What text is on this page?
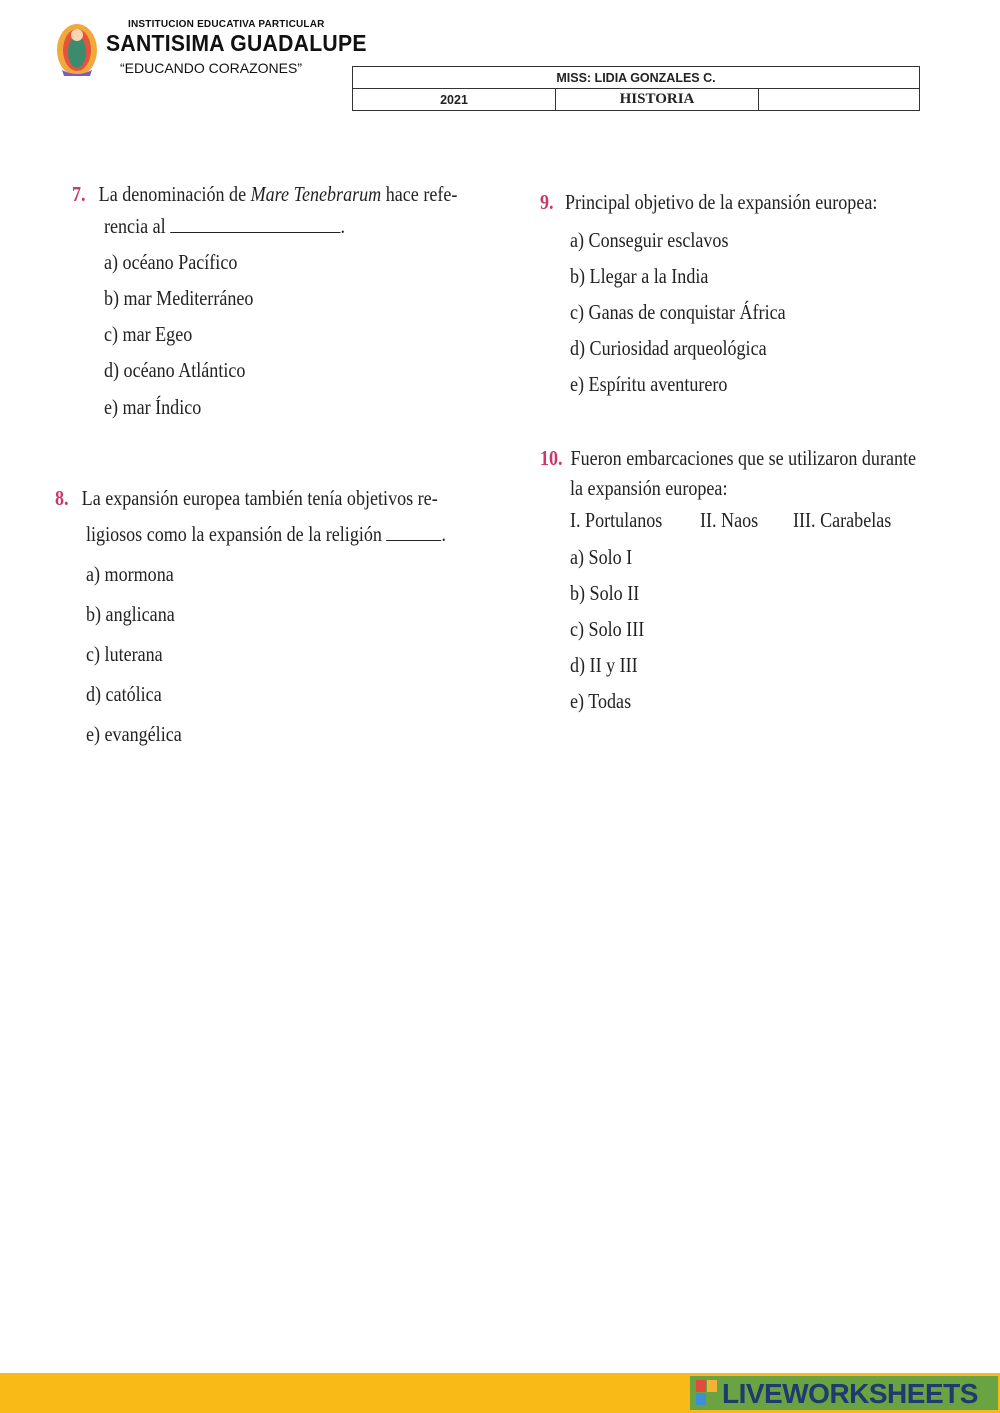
INSTITUCION EDUCATIVA PARTICULAR
SANTISIMA GUADALUPE
“EDUCANDO CORAZONES”
MISS: LIDIA GONZALES C.
2021	HISTORIA	
7. La denominación de Mare Tenebrarum hace refe-
rencia al	.
a) océano Pacífico
b) mar Mediterráneo
c) mar Egeo
d) océano Atlántico
e) mar Índico
8. La expansión europea también tenía objetivos re-
ligiosos como la expansión de la religión	.
a) mormona
b) anglicana
c) luterana
d) católica
e) evangélica
9. Principal objetivo de la expansión europea:
a) Conseguir esclavos
b) Llegar a la India
c) Ganas de conquistar África
d) Curiosidad arqueológica
e) Espíritu aventurero
10. Fueron embarcaciones que se utilizaron durante
la expansión europea:
I. Portulanos II. Naos III. Carabelas
a) Solo I
b) Solo II
c) Solo III
d) II y III
e) Todas
LIVEWORKSHEETS
